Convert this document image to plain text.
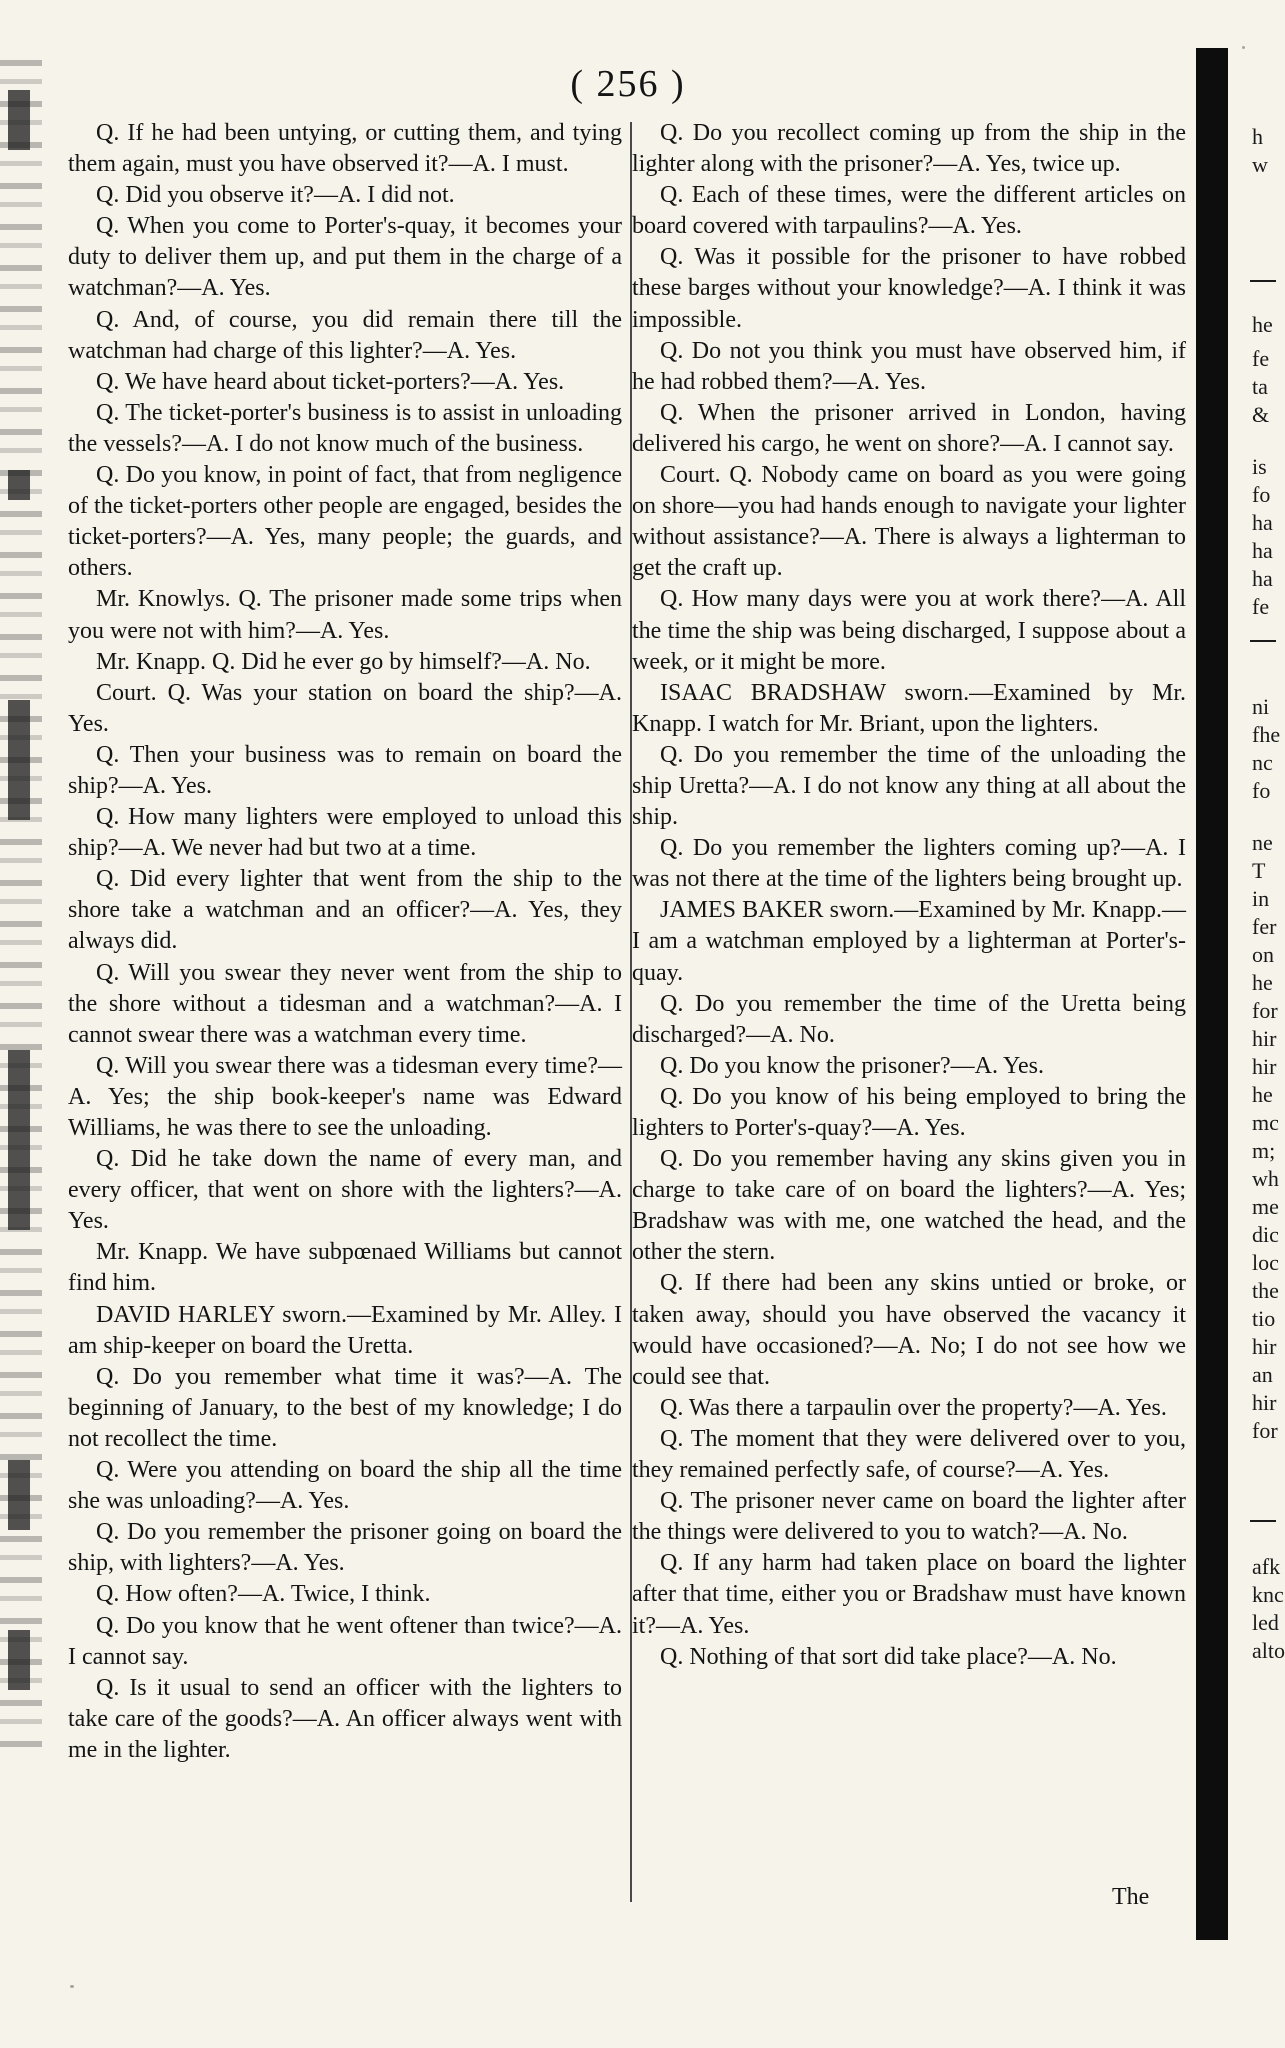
( 256 )

Q. If he had been untying, or cutting them, and tying them again, must you have observed it?—A. I must.

Q. Did you observe it?—A. I did not.

Q. When you come to Porter's-quay, it becomes your duty to deliver them up, and put them in the charge of a watchman?—A. Yes.

Q. And, of course, you did remain there till the watchman had charge of this lighter?—A. Yes.

Q. We have heard about ticket-porters?—A. Yes.

Q. The ticket-porter's business is to assist in unloading the vessels?—A. I do not know much of the business.

Q. Do you know, in point of fact, that from negligence of the ticket-porters other people are engaged, besides the ticket-porters?—A. Yes, many people; the guards, and others.

Mr. Knowlys. Q. The prisoner made some trips when you were not with him?—A. Yes.

Mr. Knapp. Q. Did he ever go by himself?—A. No.

Court. Q. Was your station on board the ship?—A. Yes.

Q. Then your business was to remain on board the ship?—A. Yes.

Q. How many lighters were employed to unload this ship?—A. We never had but two at a time.

Q. Did every lighter that went from the ship to the shore take a watchman and an officer?—A. Yes, they always did.

Q. Will you swear they never went from the ship to the shore without a tidesman and a watchman?—A. I cannot swear there was a watchman every time.

Q. Will you swear there was a tidesman every time?—A. Yes; the ship book-keeper's name was Edward Williams, he was there to see the unloading.

Q. Did he take down the name of every man, and every officer, that went on shore with the lighters?—A. Yes.

Mr. Knapp. We have subpœnaed Williams but cannot find him.

DAVID HARLEY sworn.—Examined by Mr. Alley. I am ship-keeper on board the Uretta.

Q. Do you remember what time it was?—A. The beginning of January, to the best of my knowledge; I do not recollect the time.

Q. Were you attending on board the ship all the time she was unloading?—A. Yes.

Q. Do you remember the prisoner going on board the ship, with lighters?—A. Yes.

Q. How often?—A. Twice, I think.

Q. Do you know that he went oftener than twice?—A. I cannot say.

Q. Is it usual to send an officer with the lighters to take care of the goods?—A. An officer always went with me in the lighter.

Q. Do you recollect coming up from the ship in the lighter along with the prisoner?—A. Yes, twice up.

Q. Each of these times, were the different articles on board covered with tarpaulins?—A. Yes.

Q. Was it possible for the prisoner to have robbed these barges without your knowledge?—A. I think it was impossible.

Q. Do not you think you must have observed him, if he had robbed them?—A. Yes.

Q. When the prisoner arrived in London, having delivered his cargo, he went on shore?—A. I cannot say.

Court. Q. Nobody came on board as you were going on shore—you had hands enough to navigate your lighter without assistance?—A. There is always a lighterman to get the craft up.

Q. How many days were you at work there?—A. All the time the ship was being discharged, I suppose about a week, or it might be more.

ISAAC BRADSHAW sworn.—Examined by Mr. Knapp. I watch for Mr. Briant, upon the lighters.

Q. Do you remember the time of the unloading the ship Uretta?—A. I do not know any thing at all about the ship.

Q. Do you remember the lighters coming up?—A. I was not there at the time of the lighters being brought up.

JAMES BAKER sworn.—Examined by Mr. Knapp.—I am a watchman employed by a lighterman at Porter's-quay.

Q. Do you remember the time of the Uretta being discharged?—A. No.

Q. Do you know the prisoner?—A. Yes.

Q. Do you know of his being employed to bring the lighters to Porter's-quay?—A. Yes.

Q. Do you remember having any skins given you in charge to take care of on board the lighters?—A. Yes; Bradshaw was with me, one watched the head, and the other the stern.

Q. If there had been any skins untied or broke, or taken away, should you have observed the vacancy it would have occasioned?—A. No; I do not see how we could see that.

Q. Was there a tarpaulin over the property?—A. Yes.

Q. The moment that they were delivered over to you, they remained perfectly safe, of course?—A. Yes.

Q. The prisoner never came on board the lighter after the things were delivered to you to watch?—A. No.

Q. If any harm had taken place on board the lighter after that time, either you or Bradshaw must have known it?—A. Yes.

Q. Nothing of that sort did take place?—A. No.

The
h
w
he
fe
ta
&
is
fo
ha
ha
ha
fe
ni
fhe
nc
fo
ne
T
in
fer
on
he
for
hir
hir
he
mc
m;
wh
me
dic
loc
the
tio
hir
an
hir
for
afk
knc
led
alto
